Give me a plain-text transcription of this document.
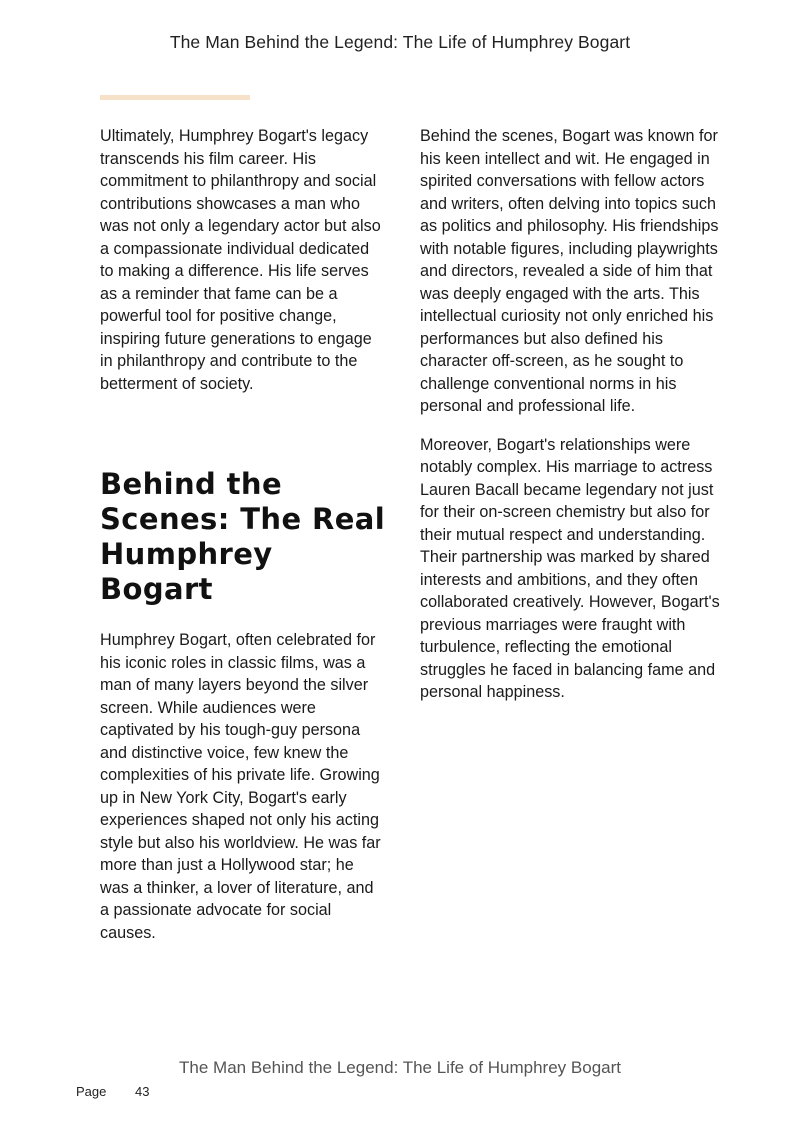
The Man Behind the Legend: The Life of Humphrey Bogart

Ultimately, Humphrey Bogart's legacy transcends his film career. His commitment to philanthropy and social contributions showcases a man who was not only a legendary actor but also a compassionate individual dedicated to making a difference. His life serves as a reminder that fame can be a powerful tool for positive change, inspiring future generations to engage in philanthropy and contribute to the betterment of society.

Behind the Scenes: The Real Humphrey Bogart

Humphrey Bogart, often celebrated for his iconic roles in classic films, was a man of many layers beyond the silver screen. While audiences were captivated by his tough-guy persona and distinctive voice, few knew the complexities of his private life. Growing up in New York City, Bogart's early experiences shaped not only his acting style but also his worldview. He was far more than just a Hollywood star; he was a thinker, a lover of literature, and a passionate advocate for social causes.

Behind the scenes, Bogart was known for his keen intellect and wit. He engaged in spirited conversations with fellow actors and writers, often delving into topics such as politics and philosophy. His friendships with notable figures, including playwrights and directors, revealed a side of him that was deeply engaged with the arts. This intellectual curiosity not only enriched his performances but also defined his character off-screen, as he sought to challenge conventional norms in his personal and professional life.

Moreover, Bogart's relationships were notably complex. His marriage to actress Lauren Bacall became legendary not just for their on-screen chemistry but also for their mutual respect and understanding. Their partnership was marked by shared interests and ambitions, and they often collaborated creatively. However, Bogart's previous marriages were fraught with turbulence, reflecting the emotional struggles he faced in balancing fame and personal happiness.

The Man Behind the Legend: The Life of Humphrey Bogart
Page 43
